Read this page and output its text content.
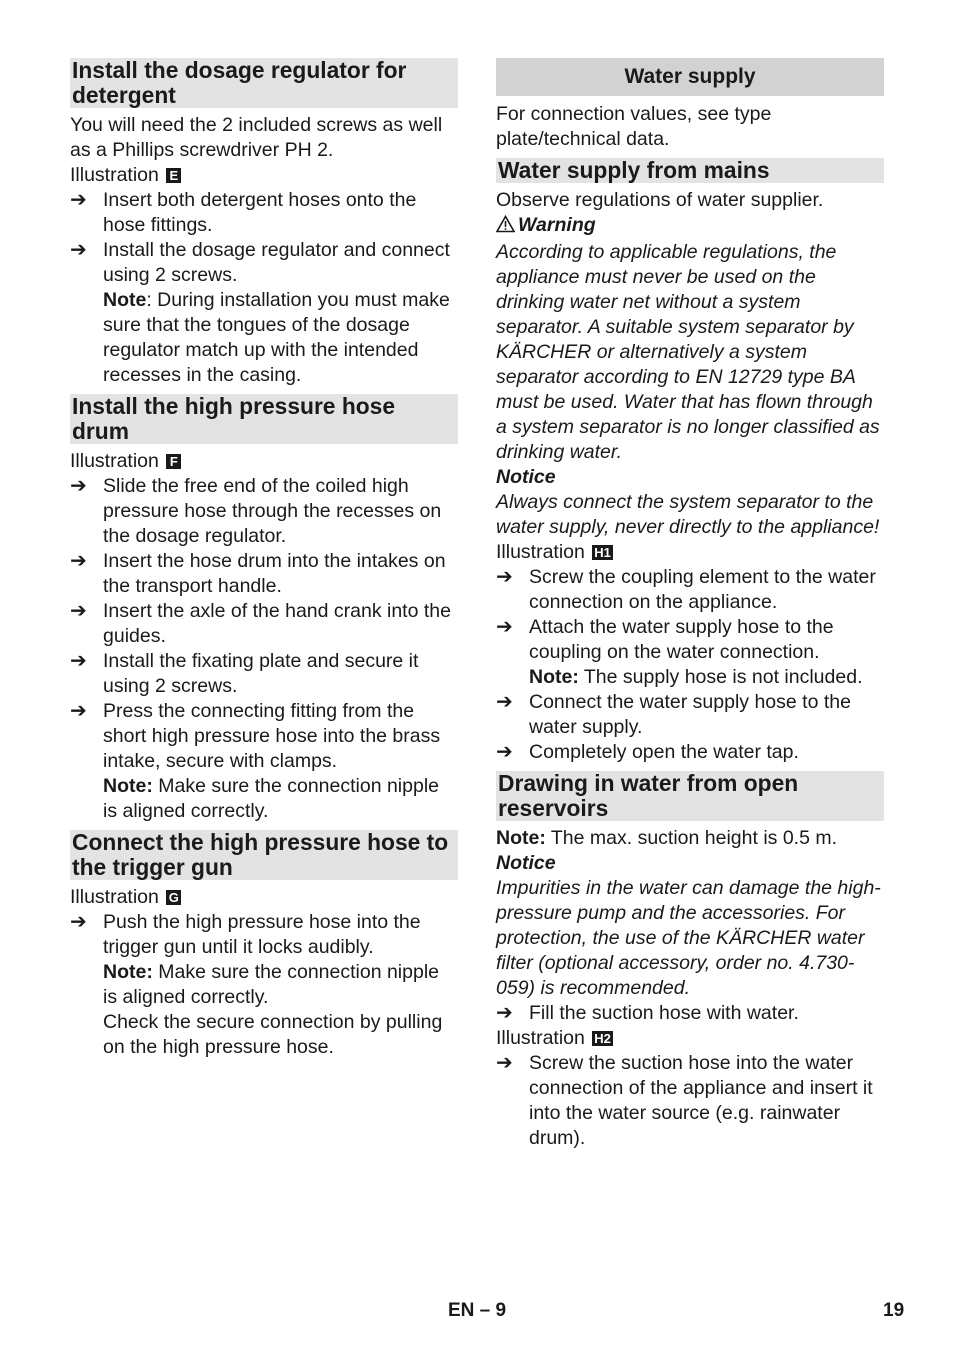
Install the dosage regulator for detergent

You will need the 2 included screws as well as a Phillips screwdriver PH 2.

Illustration E

➔ Insert both detergent hoses onto the hose fittings.
➔ Install the dosage regulator and connect using 2 screws.
Note: During installation you must make sure that the tongues of the dosage regulator match up with the intended recesses in the casing.
Install the high pressure hose drum

Illustration F

➔ Slide the free end of the coiled high pressure hose through the recesses on the dosage regulator.
➔ Insert the hose drum into the intakes on the transport handle.
➔ Insert the axle of the hand crank into the guides.
➔ Install the fixating plate and secure it using 2 screws.
➔ Press the connecting fitting from the short high pressure hose into the brass intake, secure with clamps.
Note: Make sure the connection nipple is aligned correctly.
Connect the high pressure hose to the trigger gun

Illustration G

➔ Push the high pressure hose into the trigger gun until it locks audibly.
Note: Make sure the connection nipple is aligned correctly.
Check the secure connection by pulling on the high pressure hose.
Water supply

For connection values, see type plate/technical data.

Water supply from mains

Observe regulations of water supplier.

Warning

According to applicable regulations, the appliance must never be used on the drinking water net without a system separator. A suitable system separator by KÄRCHER or alternatively a system separator according to EN 12729 type BA must be used. Water that has flown through a system separator is no longer classified as drinking water.

Notice

Always connect the system separator to the water supply, never directly to the appliance!

Illustration H1

➔ Screw the coupling element to the water connection on the appliance.
➔ Attach the water supply hose to the coupling on the water connection.
Note: The supply hose is not included.
➔ Connect the water supply hose to the water supply.
➔ Completely open the water tap.
Drawing in water from open reservoirs

Note: The max. suction height is 0.5 m.

Notice

Impurities in the water can damage the high-pressure pump and the accessories. For protection, the use of the KÄRCHER water filter (optional accessory, order no. 4.730-059) is recommended.

➔ Fill the suction hose with water.

Illustration H2

➔ Screw the suction hose into the water connection of the appliance and insert it into the water source (e.g. rainwater drum).
EN – 9	19
